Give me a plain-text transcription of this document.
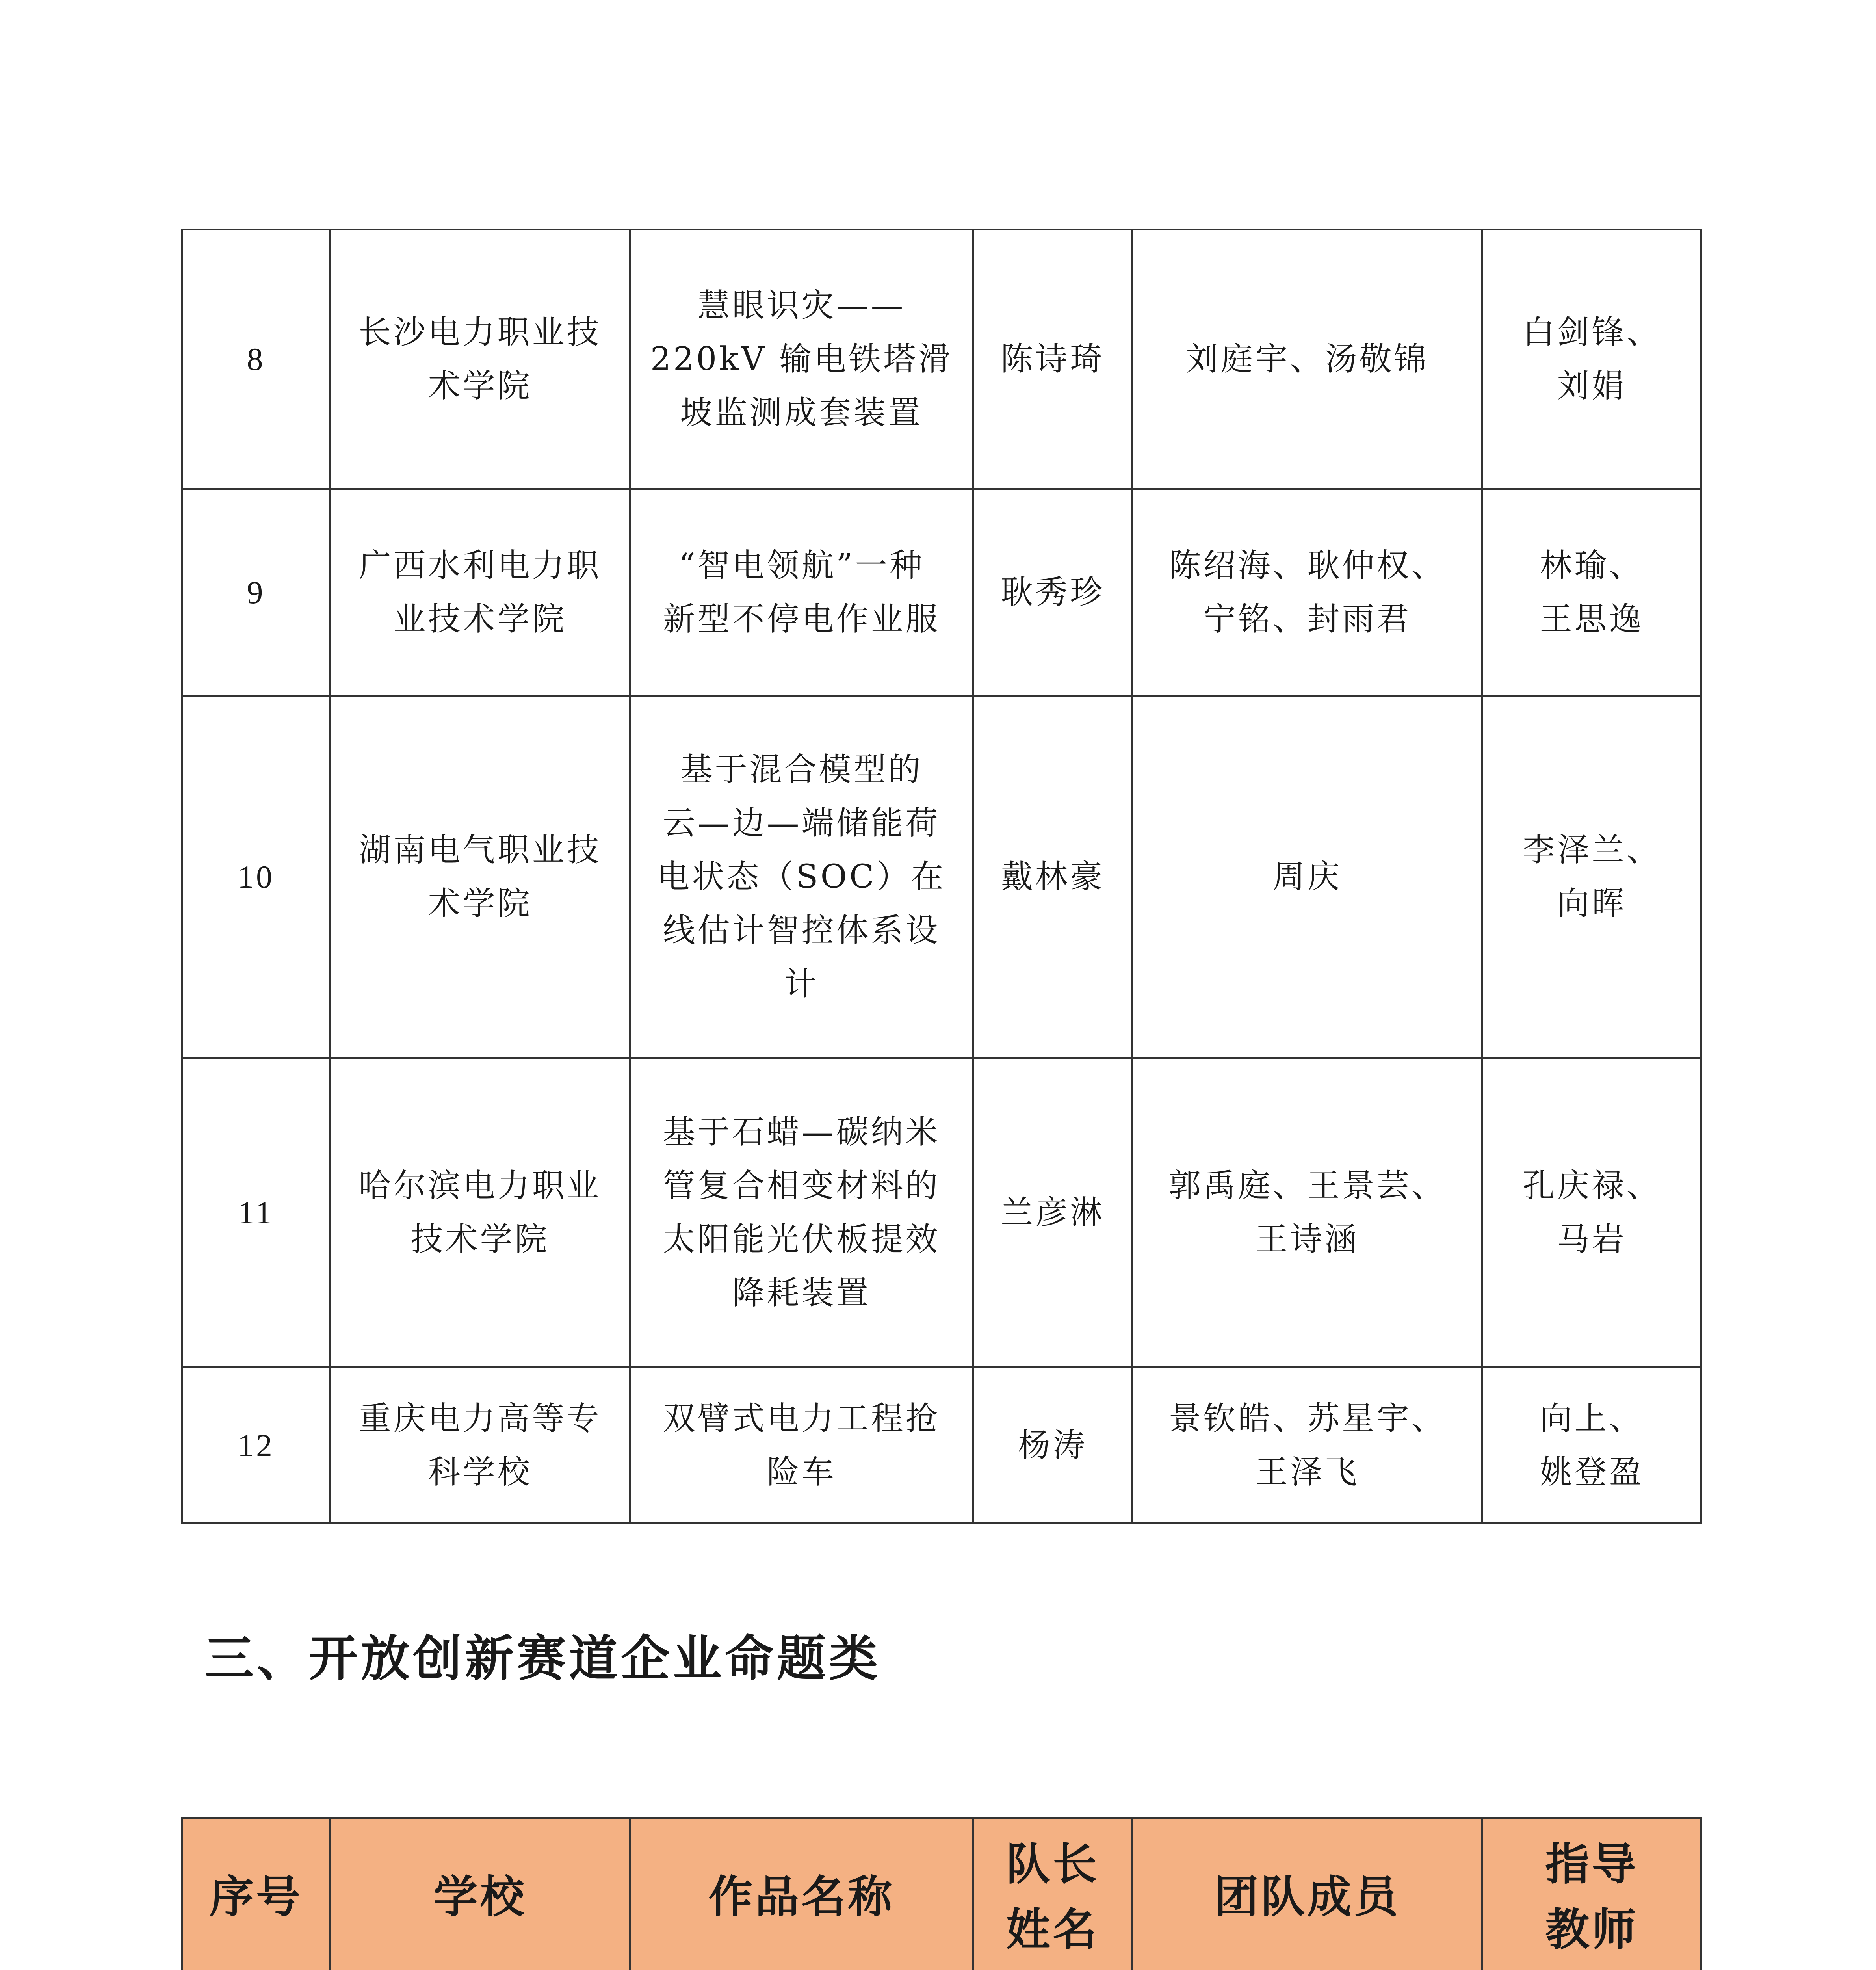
8	长沙电力职业技
术学院	慧眼识灾——
220kV 输电铁塔滑
坡监测成套装置	陈诗琦	刘庭宇、汤敬锦	白剑锋、
刘娟

9	广西水利电力职
业技术学院	“智电领航”一种
新型不停电作业服	耿秀珍	陈绍海、耿仲权、
宁铭、封雨君	林瑜、
王思逸

10	湖南电气职业技
术学院	基于混合模型的
云—边—端储能荷
电状态（SOC）在
线估计智控体系设
计	戴林豪	周庆	李泽兰、
向晖

11	哈尔滨电力职业
技术学院	基于石蜡—碳纳米
管复合相变材料的
太阳能光伏板提效
降耗装置	兰彦淋	郭禹庭、王景芸、
王诗涵	孔庆禄、
马岩

12	重庆电力高等专
科学校	双臂式电力工程抢
险车	杨涛	景钦皓、苏星宇、
王泽飞	向上、
姚登盈
三、开放创新赛道企业命题类
序号	学校	作品名称	队长
姓名	团队成员	指导
教师
